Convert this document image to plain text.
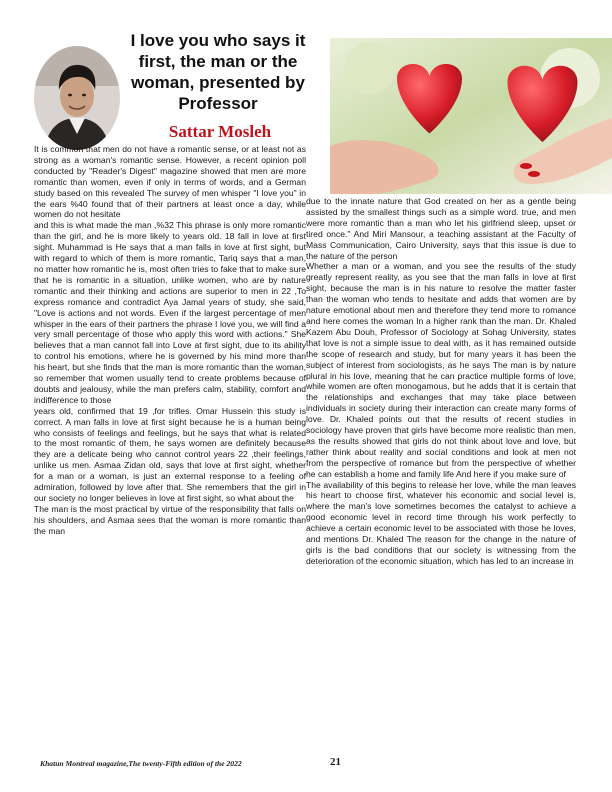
I love you who says it first, the man or the woman, presented by Professor
Sattar Mosleh

It is common that men do not have a romantic sense, or at least not as strong as a woman's romantic sense. However, a recent opinion poll conducted by "Reader's Digest" magazine showed that men are more romantic than women, even if only in terms of words, and a German study based on this revealed The survey of men whisper "I love you" in the ears %40 found that of their partners at least once a day, while women do not hesitate

and this is what made the man ,%32 This phrase is only more romantic than the girl, and he is more likely to years old. 18 fall in love at first sight. Muhammad is He says that a man falls in love at first sight, but with regard to which of them is more romantic, Tariq says that a man, no matter how romantic he is, most often tries to fake that to make sure that he is romantic in a situation, unlike women, who are by nature romantic and their thinking and actions are superior to men in 22 ,To express romance and contradict Aya Jamal years of study, she said, "Love is actions and not words. Even if the largest percentage of men whisper in the ears of their partners the phrase I love you, we will find a very small percentage of those who apply this word with actions." She believes that a man cannot fall into Love at first sight, due to its ability to control his emotions, where he is governed by his mind more than his heart, but she finds that the man is more romantic than the woman, so remember that women usually tend to create problems because of doubts and jealousy, while the man prefers calm, stability, comfort and indifference to those

years old, confirmed that 19 ,for trifles. Omar Hussein this study is correct. A man falls in love at first sight because he is a human being who consists of feelings and feelings, but he says that what is related to the most romantic of them, he says women are definitely because they are a delicate being who cannot control years 22 ,their feelings, unlike us men. Asmaa Zidan old, says that love at first sight, whether for a man or a woman, is just an external response to a feeling of admiration, followed by love after that. She remembers that the girl in our society no longer believes in love at first sight, so what about the

The man is the most practical by virtue of the responsibility that falls on his shoulders, and Asmaa sees that the woman is more romantic than the man

due to the innate nature that God created on her as a gentle being assisted by the smallest things such as a simple word. true, and men were more romantic than a man who let his girlfriend sleep, upset or tired once." And Miri Mansour, a teaching assistant at the Faculty of Mass Communication, Cairo University, says that this issue is due to the nature of the person

Whether a man or a woman, and you see the results of the study greatly represent reality, as you see that the man falls in love at first sight, because the man is in his nature to resolve the matter faster than the woman who tends to hesitate and adds that women are by nature emotional about men and therefore they tend more to romance and here comes the woman In a higher rank than the man. Dr. Khaled Kazem Abu Douh, Professor of Sociology at Sohag University, states that love is not a simple issue to deal with, as it has remained outside the scope of research and study, but for many years it has been the subject of interest from sociologists, as he says The man is by nature plural in his love, meaning that he can practice multiple forms of love, while women are often monogamous, but he adds that it is certain that the relationships and exchanges that may take place between individuals in society during their interaction can create many forms of love. Dr. Khaled points out that the results of recent studies in sociology have proven that girls have become more realistic than men, as the results showed that girls do not think about love and love, but rather think about reality and social conditions and look at men not from the perspective of romance but from the perspective of whether he can establish a home and family life And here if you make sure of

The availability of this begins to release her love, while the man leaves his heart to choose first, whatever his economic and social level is, where the man's love sometimes becomes the catalyst to achieve a good economic level in record time through his work perfectly to achieve a certain economic level to be associated with those he loves, and mentions Dr. Khaled The reason for the change in the nature of girls is the bad conditions that our society is witnessing from the deterioration of the economic situation, which has led to an increase in

Khatun Montreal magazine,The twenty-Fifth edition of the 2022	21
